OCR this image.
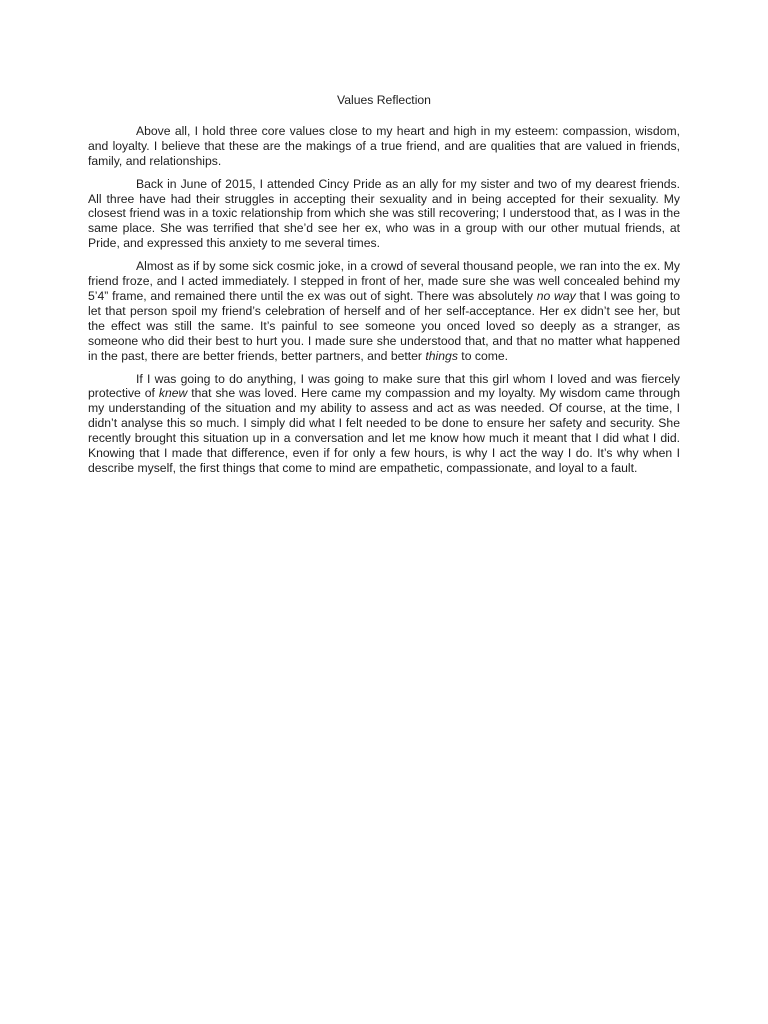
Values Reflection

Above all, I hold three core values close to my heart and high in my esteem: compassion, wisdom, and loyalty. I believe that these are the makings of a true friend, and are qualities that are valued in friends, family, and relationships.

Back in June of 2015, I attended Cincy Pride as an ally for my sister and two of my dearest friends. All three have had their struggles in accepting their sexuality and in being accepted for their sexuality. My closest friend was in a toxic relationship from which she was still recovering; I understood that, as I was in the same place. She was terrified that she’d see her ex, who was in a group with our other mutual friends, at Pride, and expressed this anxiety to me several times.

Almost as if by some sick cosmic joke, in a crowd of several thousand people, we ran into the ex. My friend froze, and I acted immediately. I stepped in front of her, made sure she was well concealed behind my 5’4” frame, and remained there until the ex was out of sight. There was absolutely no way that I was going to let that person spoil my friend’s celebration of herself and of her self-acceptance. Her ex didn’t see her, but the effect was still the same. It’s painful to see someone you onced loved so deeply as a stranger, as someone who did their best to hurt you. I made sure she understood that, and that no matter what happened in the past, there are better friends, better partners, and better things to come.

If I was going to do anything, I was going to make sure that this girl whom I loved and was fiercely protective of knew that she was loved. Here came my compassion and my loyalty. My wisdom came through my understanding of the situation and my ability to assess and act as was needed. Of course, at the time, I didn’t analyse this so much. I simply did what I felt needed to be done to ensure her safety and security. She recently brought this situation up in a conversation and let me know how much it meant that I did what I did. Knowing that I made that difference, even if for only a few hours, is why I act the way I do. It’s why when I describe myself, the first things that come to mind are empathetic, compassionate, and loyal to a fault.
